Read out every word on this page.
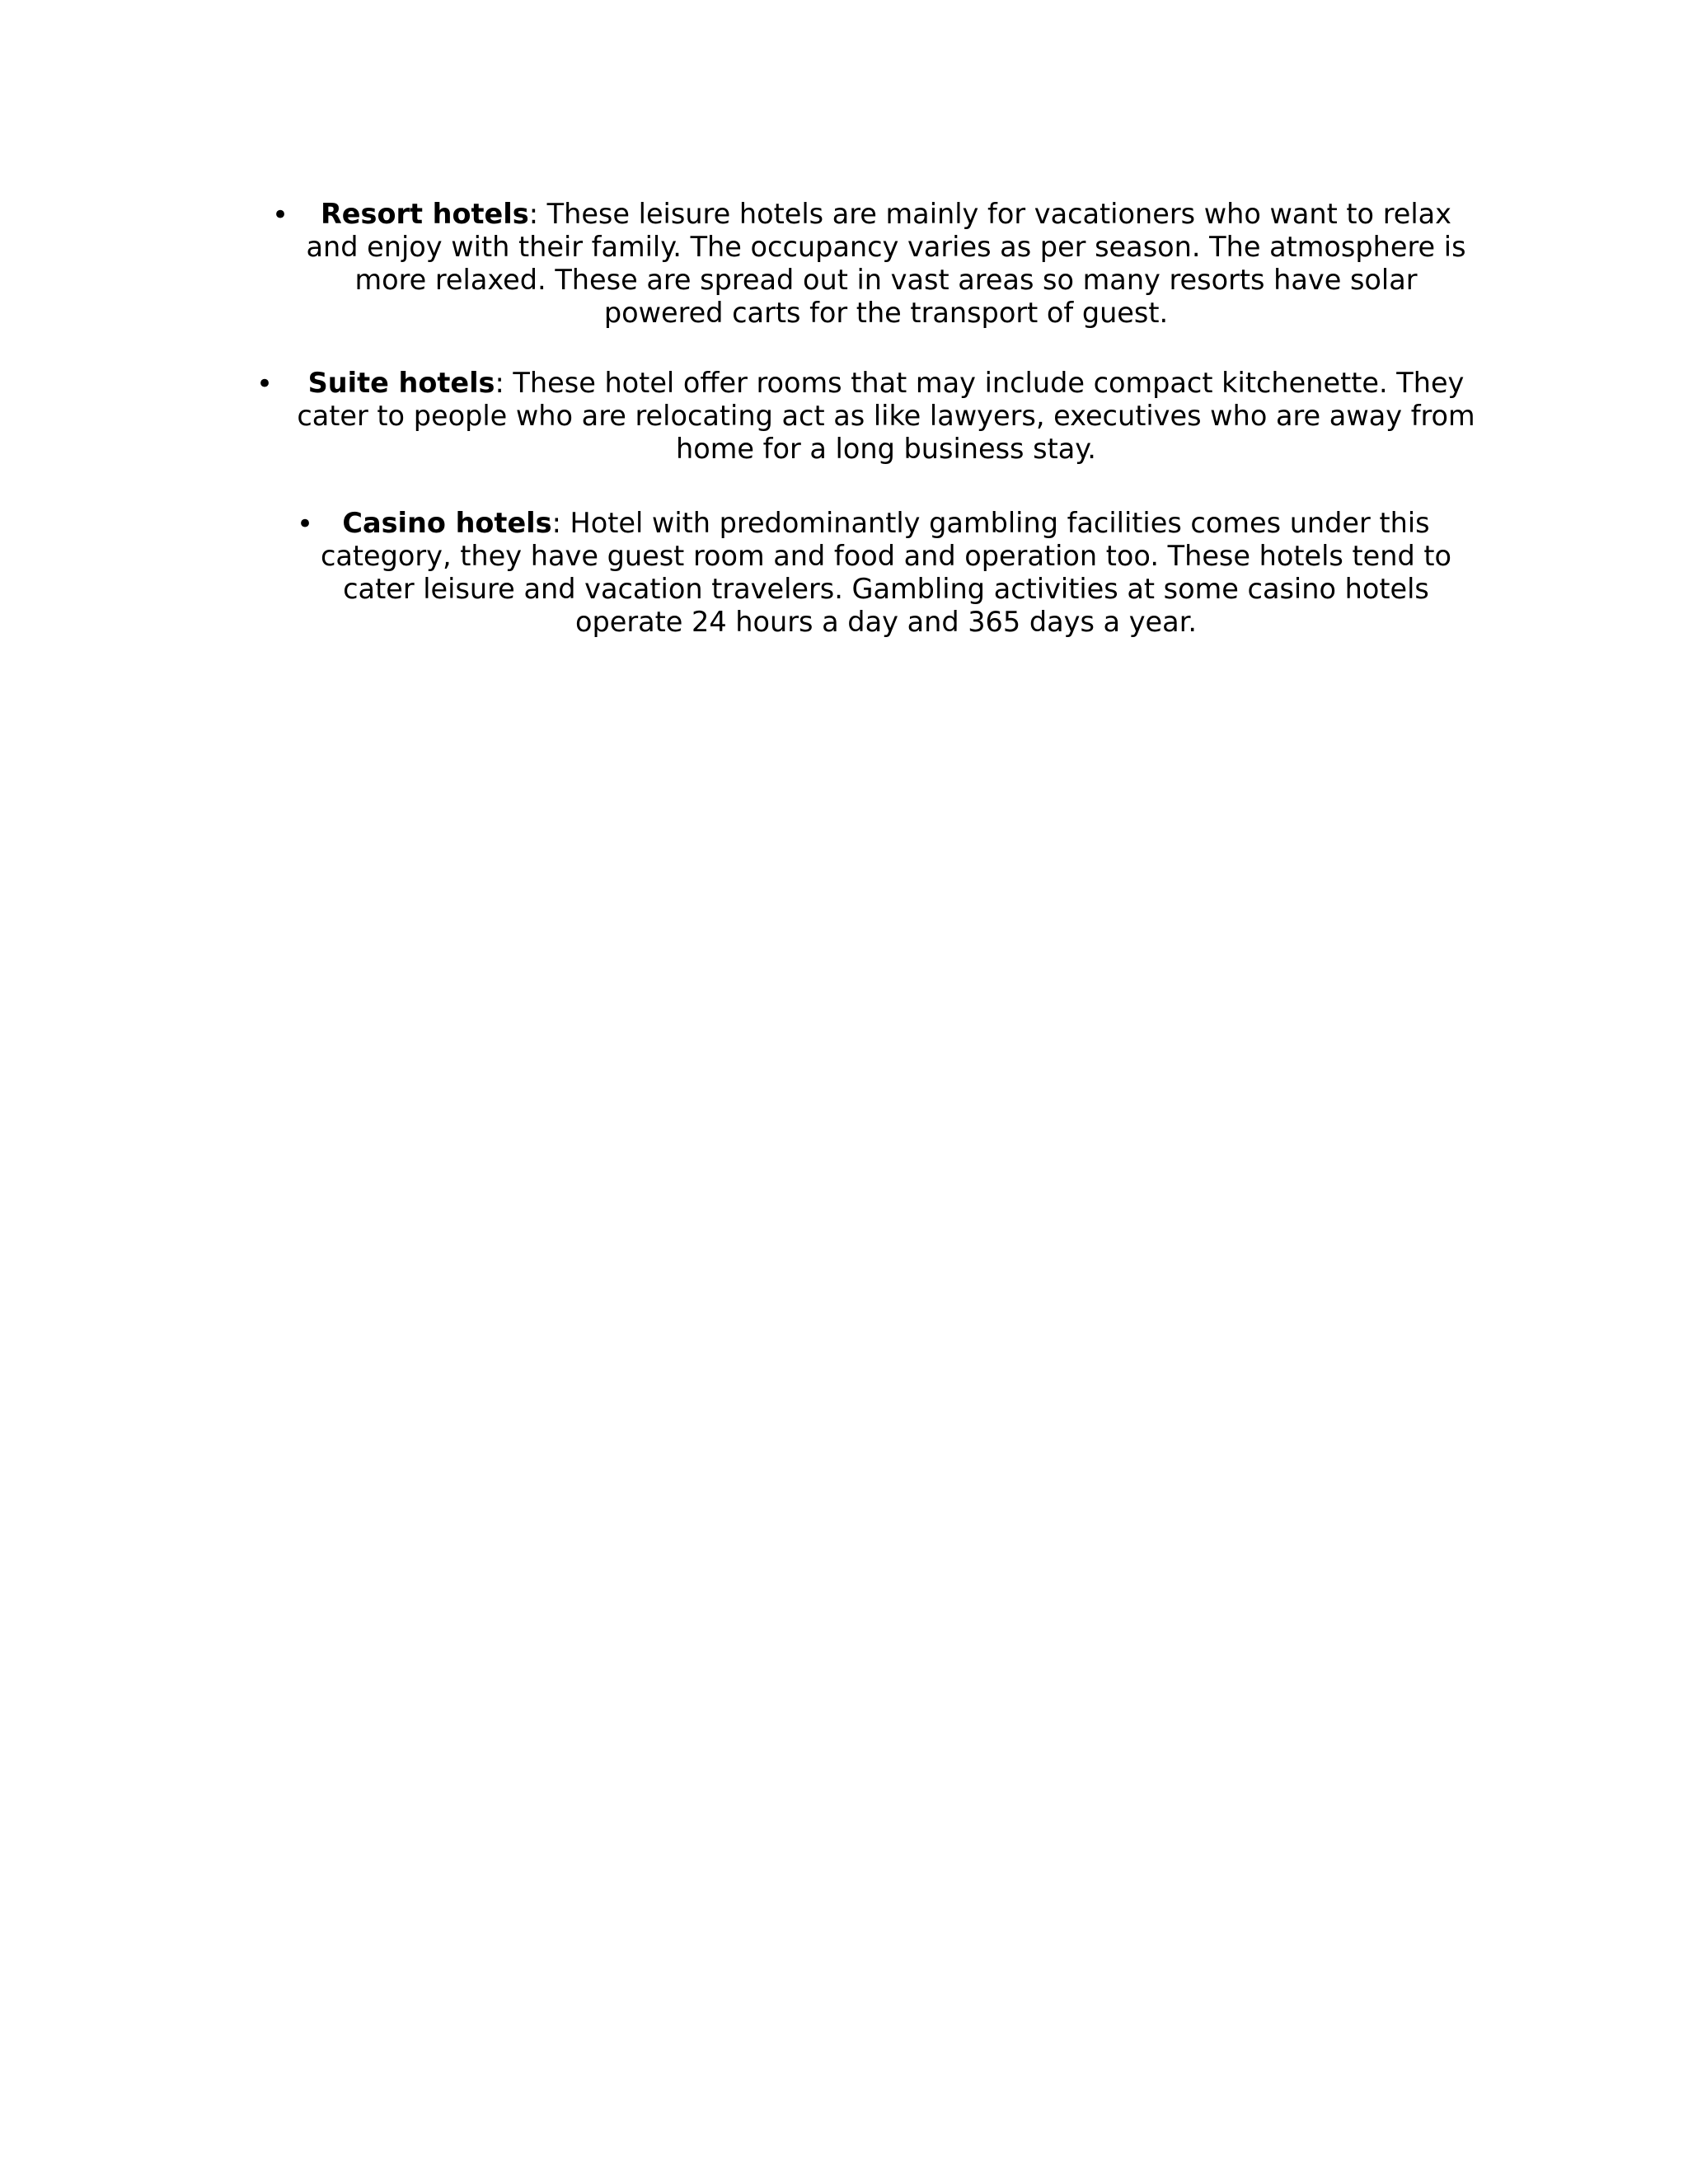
•	Resort hotels: These leisure hotels are mainly for vacationers who want to relax and enjoy with their family. The occupancy varies as per season. The atmosphere is more relaxed. These are spread out in vast areas so many resorts have solar powered carts for the transport of guest.

•	Suite hotels: These hotel offer rooms that may include compact kitchenette. They cater to people who are relocating act as like lawyers, executives who are away from home for a long business stay.

•	Casino hotels: Hotel with predominantly gambling facilities comes under this category, they have guest room and food and operation too. These hotels tend to cater leisure and vacation travelers. Gambling activities at some casino hotels operate 24 hours a day and 365 days a year.
